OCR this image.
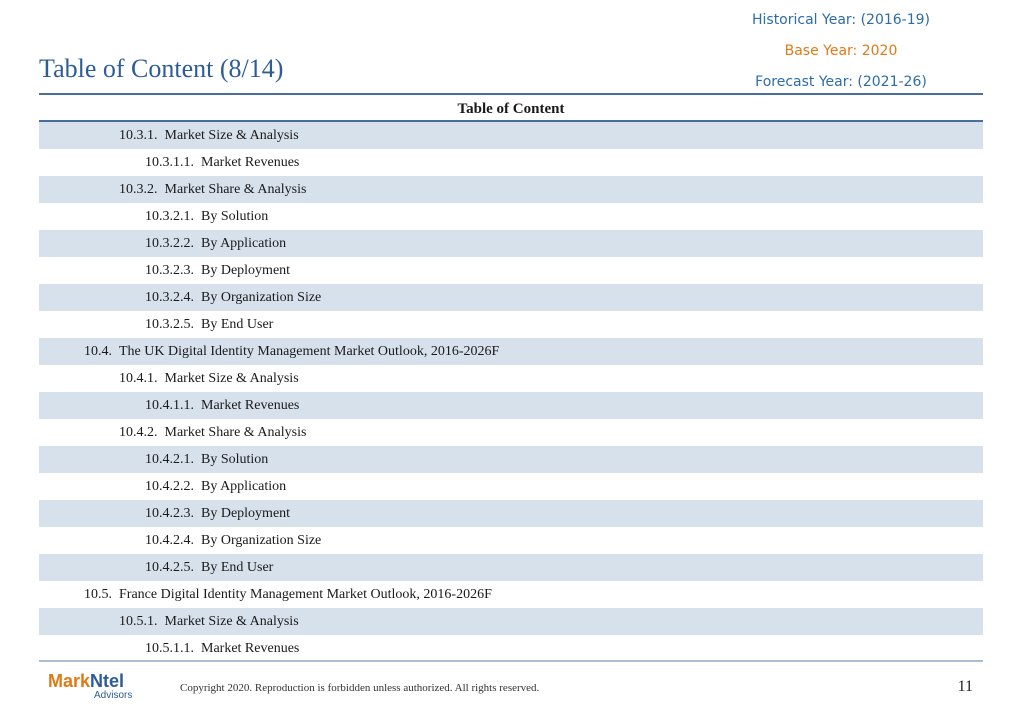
Historical Year: (2016-19)
Base Year: 2020
Forecast Year: (2021-26)
Table of Content (8/14)
Table of Content
10.3.1. Market Size & Analysis
10.3.1.1. Market Revenues
10.3.2. Market Share & Analysis
10.3.2.1. By Solution
10.3.2.2. By Application
10.3.2.3. By Deployment
10.3.2.4. By Organization Size
10.3.2.5. By End User
10.4. The UK Digital Identity Management Market Outlook, 2016-2026F
10.4.1. Market Size & Analysis
10.4.1.1. Market Revenues
10.4.2. Market Share & Analysis
10.4.2.1. By Solution
10.4.2.2. By Application
10.4.2.3. By Deployment
10.4.2.4. By Organization Size
10.4.2.5. By End User
10.5. France Digital Identity Management Market Outlook, 2016-2026F
10.5.1. Market Size & Analysis
10.5.1.1. Market Revenues
MarkNtel
Advisors
Copyright 2020. Reproduction is forbidden unless authorized. All rights reserved.	11
